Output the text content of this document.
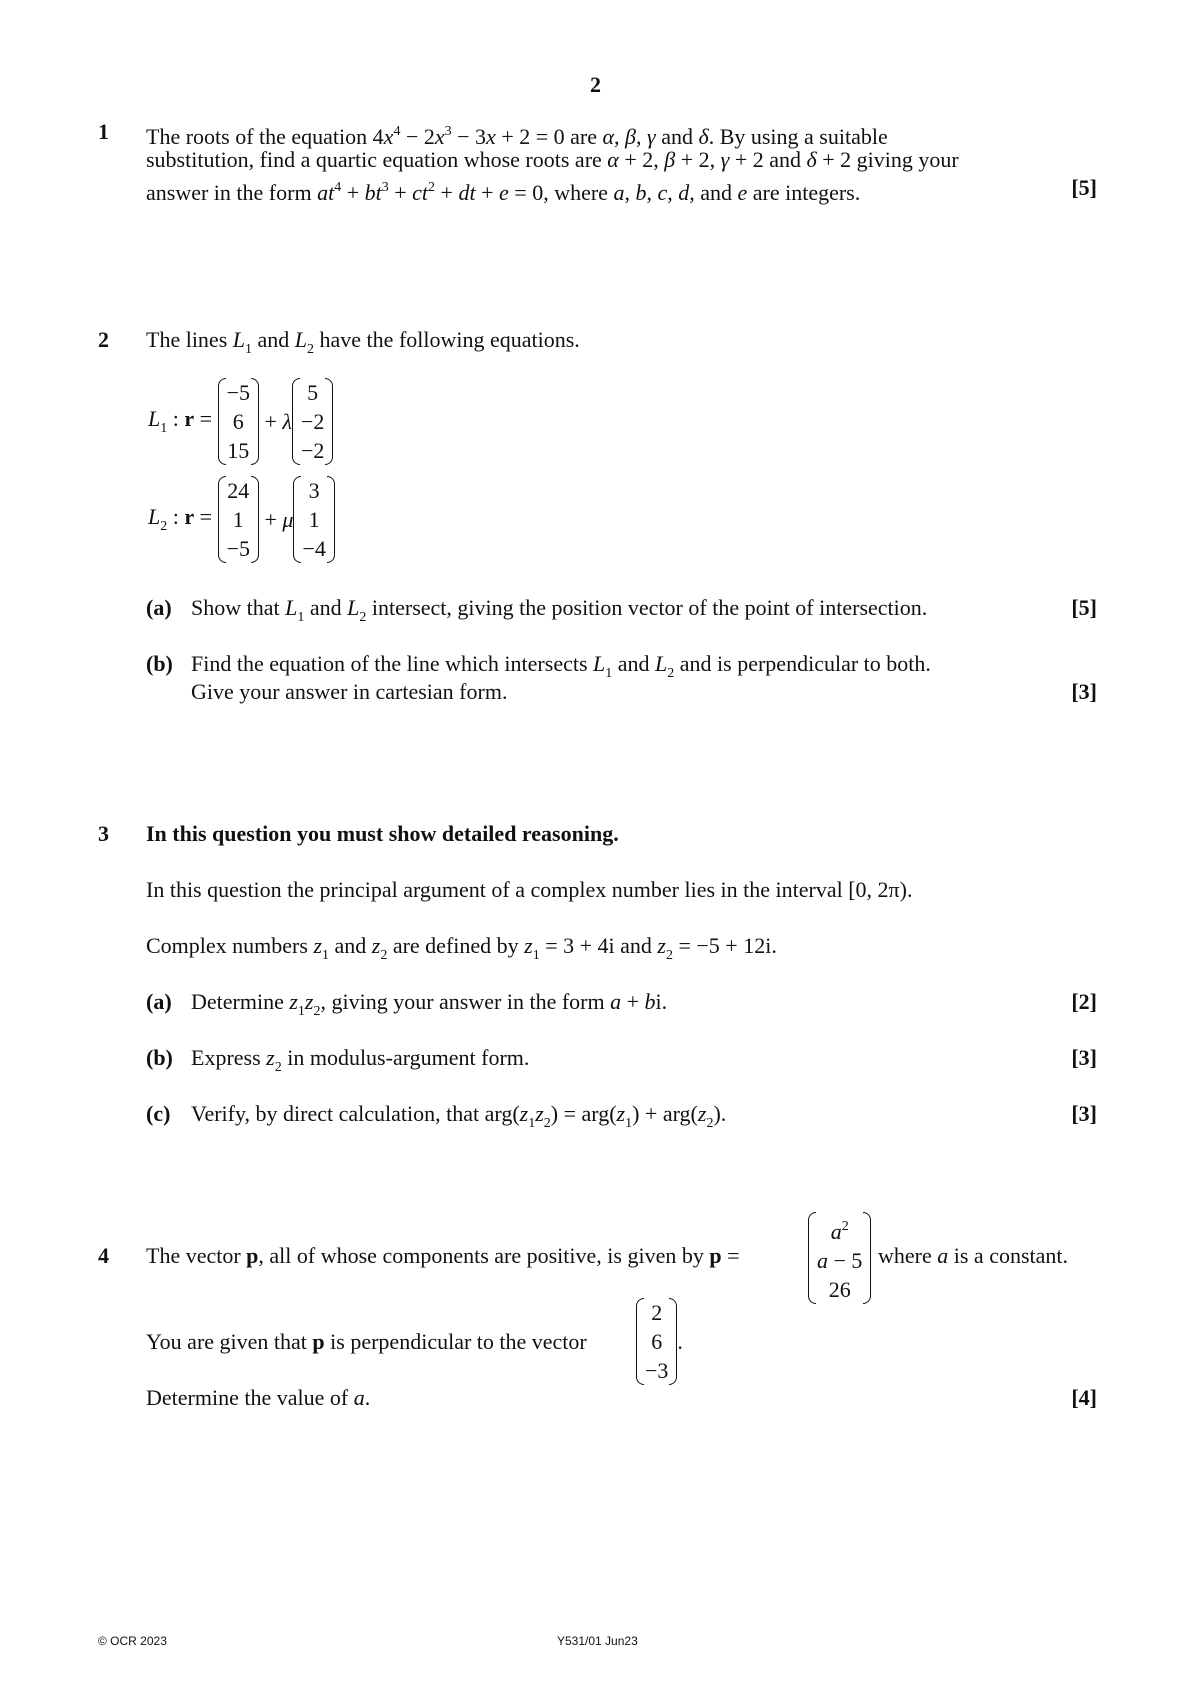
2
1 The roots of the equation $4x^4 - 2x^3 - 3x + 2 = 0$ are α, β, γ and δ. By using a suitable
substitution, find a quartic equation whose roots are α + 2, β + 2, γ + 2 and δ + 2 giving your
answer in the form $at^4 + bt^3 + ct^2$ + dt + e = 0, where a, b, c, d, and e are integers.	[5]
2 The lines $L_1$ and $L_2$ have the following equations.
$L_1$ : r =
−5
6
15
+ λ
5
−2
−2
$L_2$ : r =
24
1
−5
+ μ
3
1
−4
(a) Show that $L_1$ and $L_2$ intersect, giving the position vector of the point of intersection.	[5]
(b) Find the equation of the line which intersects $L_1$ and $L_2$ and is perpendicular to both.
Give your answer in cartesian form.	[3]
3 In this question you must show detailed reasoning.
In this question the principal argument of a complex number lies in the interval [0, 2π).
Complex numbers $z_1$ and $z_2$ are defined by $z_1 = 3 + 4i$ and $z_2 = -5 + 12i$.
(a) Determine $z_1z_2$, giving your answer in the form a + bi.	[2]
(b) Express $z_2$ in modulus-argument form.	[3]
(c) Verify, by direct calculation, that $arg(z_1z_2) = arg(z_1) + arg(z_2)$.	[3]
4 The vector p, all of whose components are positive, is given by p =
$a^2$
a − 5
26
where a is a constant.
You are given that p is perpendicular to the vector
2
6
−3
.
Determine the value of a.	[4]
© OCR 2023	Y531/01 Jun23
